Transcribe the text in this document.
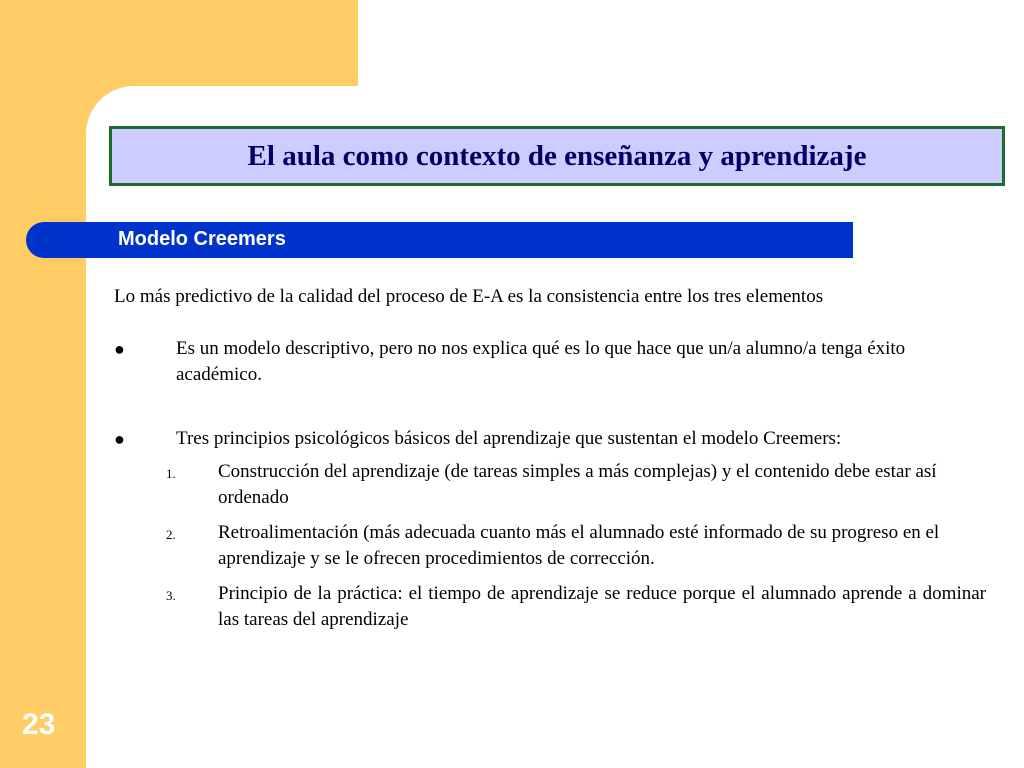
El aula como contexto de enseñanza y aprendizaje
Modelo Creemers
Lo más predictivo de la calidad del proceso de E-A es la consistencia entre los tres elementos
●	Es un modelo descriptivo, pero no nos explica qué es lo que hace que un/a alumno/a tenga éxito académico.
●	Tres principios psicológicos básicos del aprendizaje que sustentan el modelo Creemers:
1. Construcción del aprendizaje (de tareas simples a más complejas) y el contenido debe estar así ordenado
2. Retroalimentación (más adecuada cuanto más el alumnado esté informado de su progreso en el aprendizaje y se le ofrecen procedimientos de corrección.
3. Principio de la práctica: el tiempo de aprendizaje se reduce porque el alumnado aprende a dominar las tareas del aprendizaje
23
